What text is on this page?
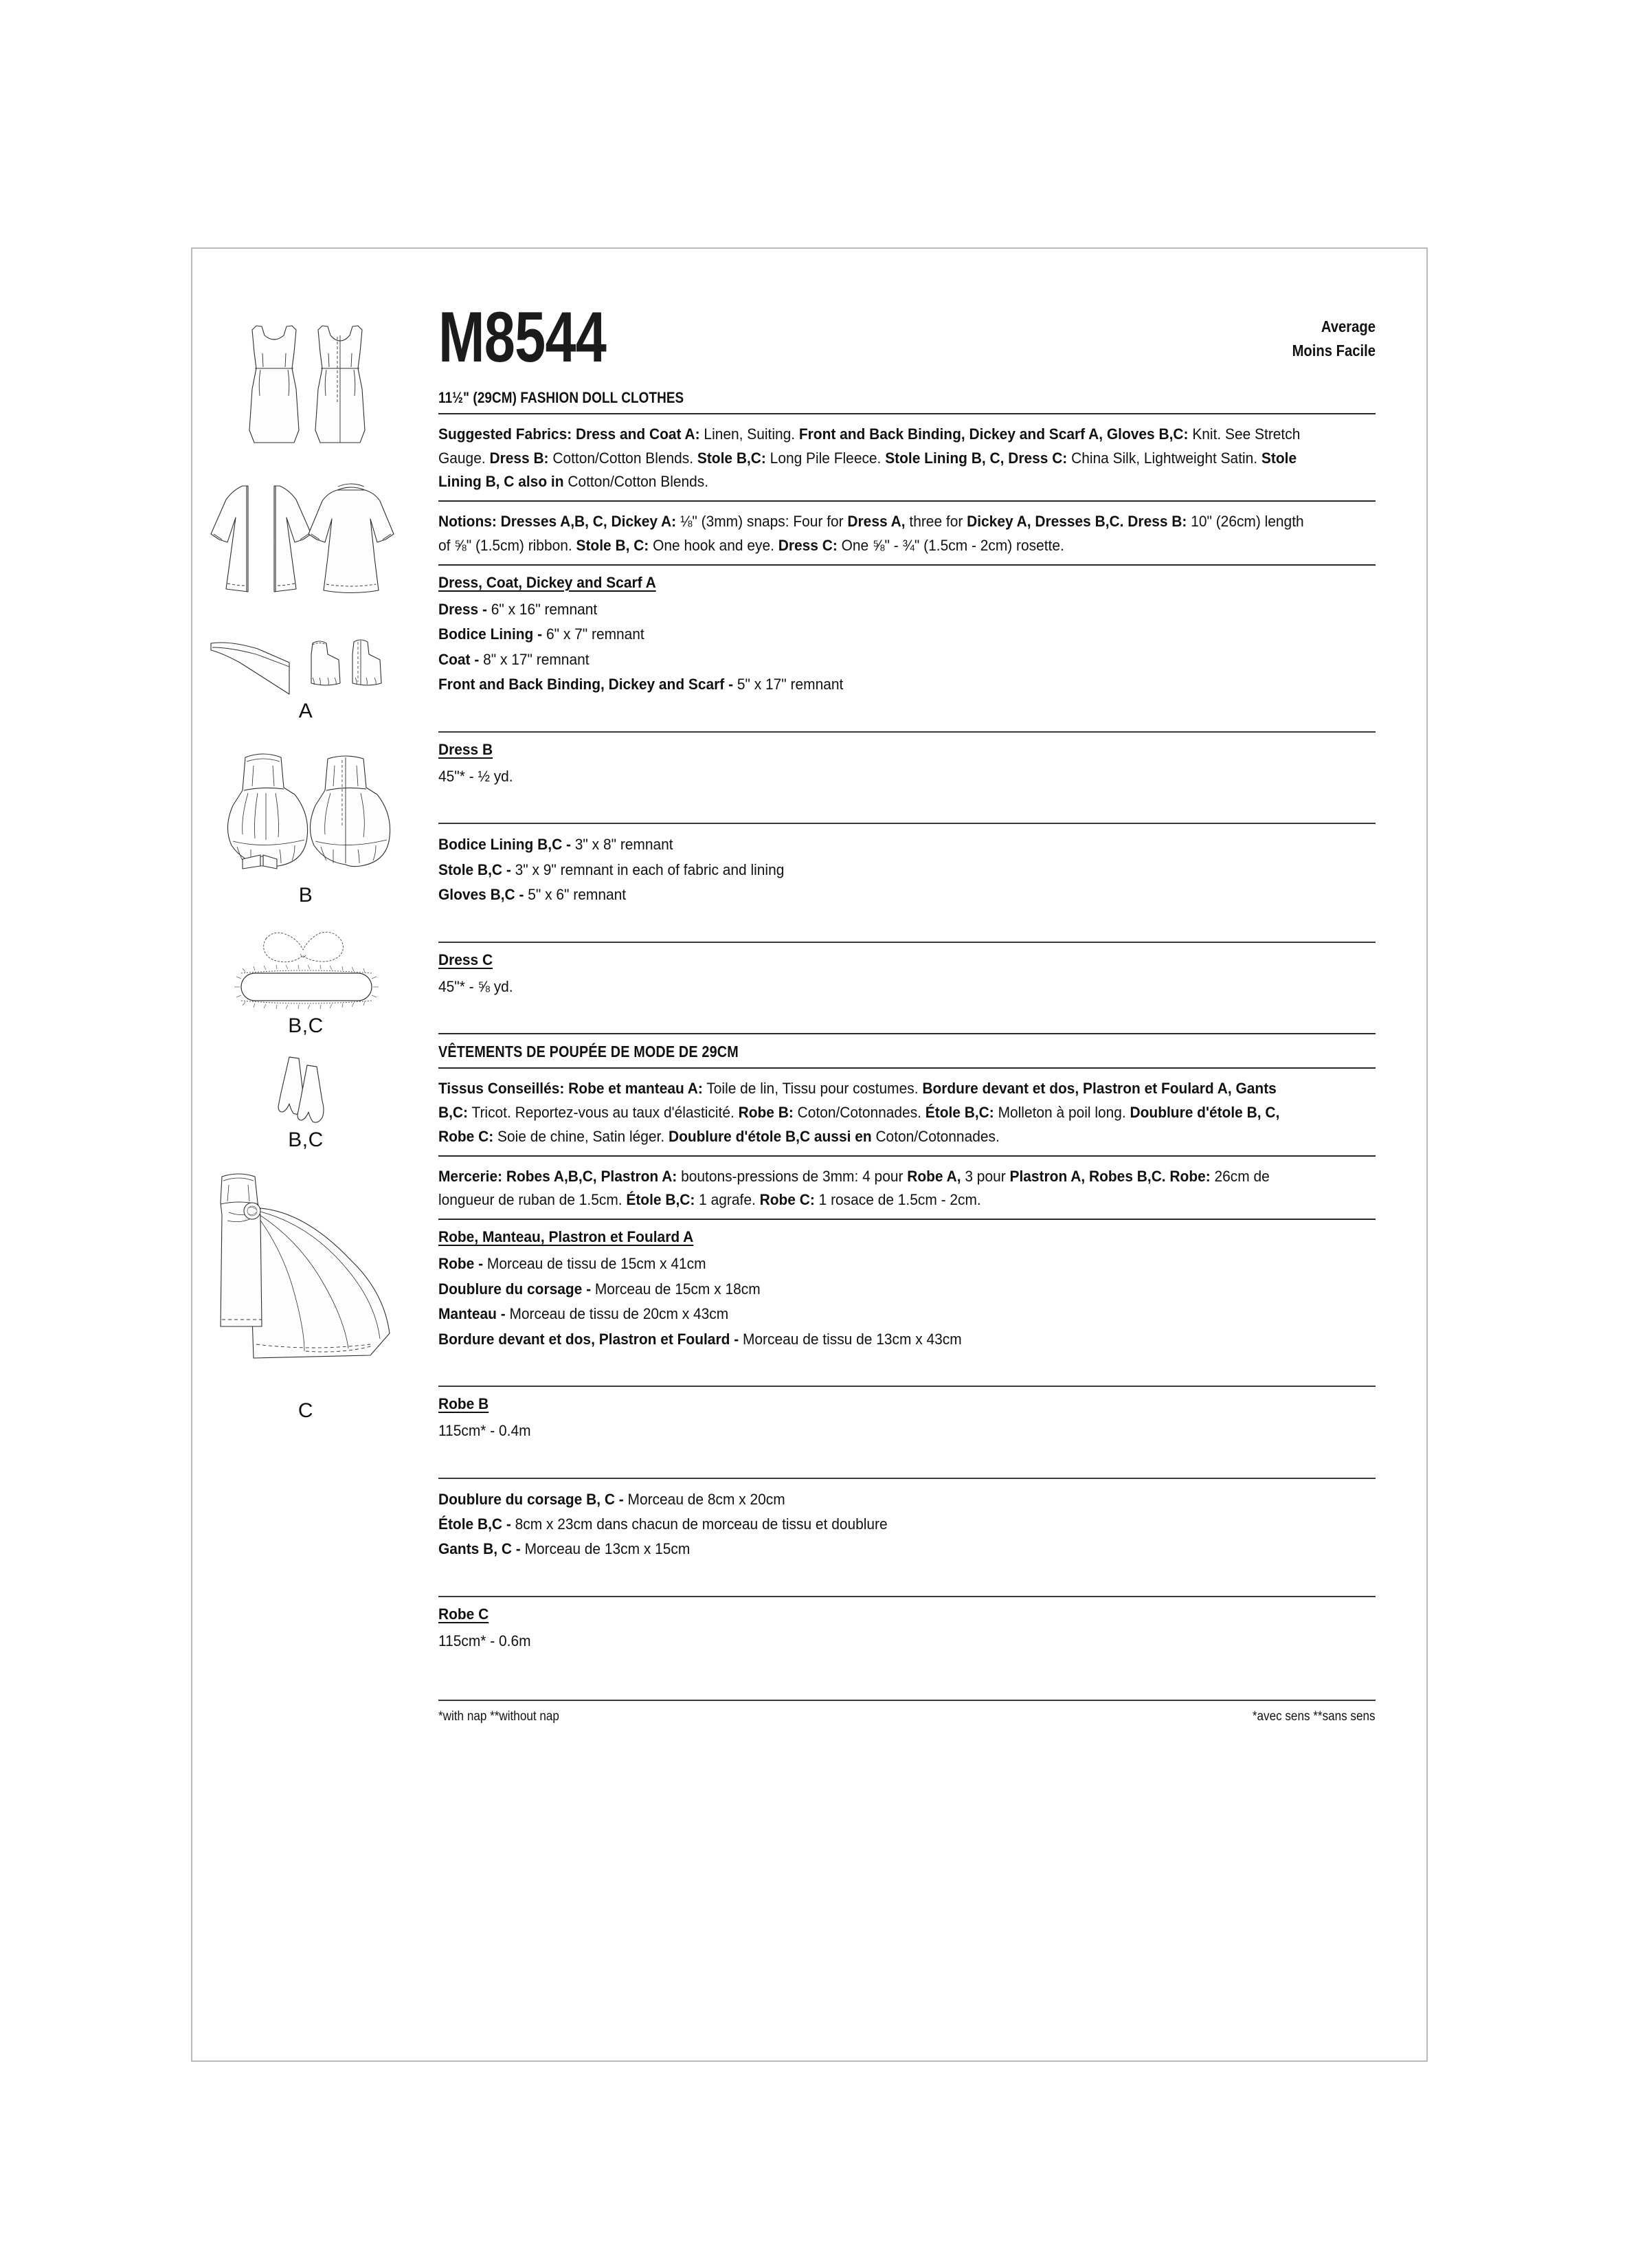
A
B
B,C
B,C
C
M8544	Average
Moins Facile
11½" (29CM) FASHION DOLL CLOTHES

Suggested Fabrics: Dress and Coat A: Linen, Suiting. Front and Back Binding, Dickey and Scarf A, Gloves B,C: Knit. See Stretch Gauge. Dress B: Cotton/Cotton Blends. Stole B,C: Long Pile Fleece. Stole Lining B, C, Dress C: China Silk, Lightweight Satin. Stole Lining B, C also in Cotton/Cotton Blends.

Notions: Dresses A,B, C, Dickey A: ⅛" (3mm) snaps: Four for Dress A, three for Dickey A, Dresses B,C. Dress B: 10" (26cm) length of ⅝" (1.5cm) ribbon. Stole B, C: One hook and eye. Dress C: One ⅝" - ¾" (1.5cm - 2cm) rosette.

Dress, Coat, Dickey and Scarf A

Dress - 6" x 16" remnant

Bodice Lining - 6" x 7" remnant

Coat - 8" x 17" remnant

Front and Back Binding, Dickey and Scarf - 5" x 17" remnant

Dress B

45"* - ½ yd.

Bodice Lining B,C - 3" x 8" remnant

Stole B,C - 3" x 9" remnant in each of fabric and lining

Gloves B,C - 5" x 6" remnant

Dress C

45"* - ⅝ yd.

VÊTEMENTS DE POUPÉE DE MODE DE 29CM

Tissus Conseillés: Robe et manteau A: Toile de lin, Tissu pour costumes. Bordure devant et dos, Plastron et Foulard A, Gants B,C: Tricot. Reportez-vous au taux d'élasticité. Robe B: Coton/Cotonnades. Étole B,C: Molleton à poil long. Doublure d'étole B, C, Robe C: Soie de chine, Satin léger. Doublure d'étole B,C aussi en Coton/Cotonnades.

Mercerie: Robes A,B,C, Plastron A: boutons-pressions de 3mm: 4 pour Robe A, 3 pour Plastron A, Robes B,C. Robe: 26cm de longueur de ruban de 1.5cm. Étole B,C: 1 agrafe. Robe C: 1 rosace de 1.5cm - 2cm.

Robe, Manteau, Plastron et Foulard A

Robe - Morceau de tissu de 15cm x 41cm

Doublure du corsage - Morceau de 15cm x 18cm

Manteau - Morceau de tissu de 20cm x 43cm

Bordure devant et dos, Plastron et Foulard - Morceau de tissu de 13cm x 43cm

Robe B

115cm* - 0.4m

Doublure du corsage B, C - Morceau de 8cm x 20cm

Étole B,C - 8cm x 23cm dans chacun de morceau de tissu et doublure

Gants B, C - Morceau de 13cm x 15cm

Robe C

115cm* - 0.6m

*with nap **without nap	*avec sens **sans sens
